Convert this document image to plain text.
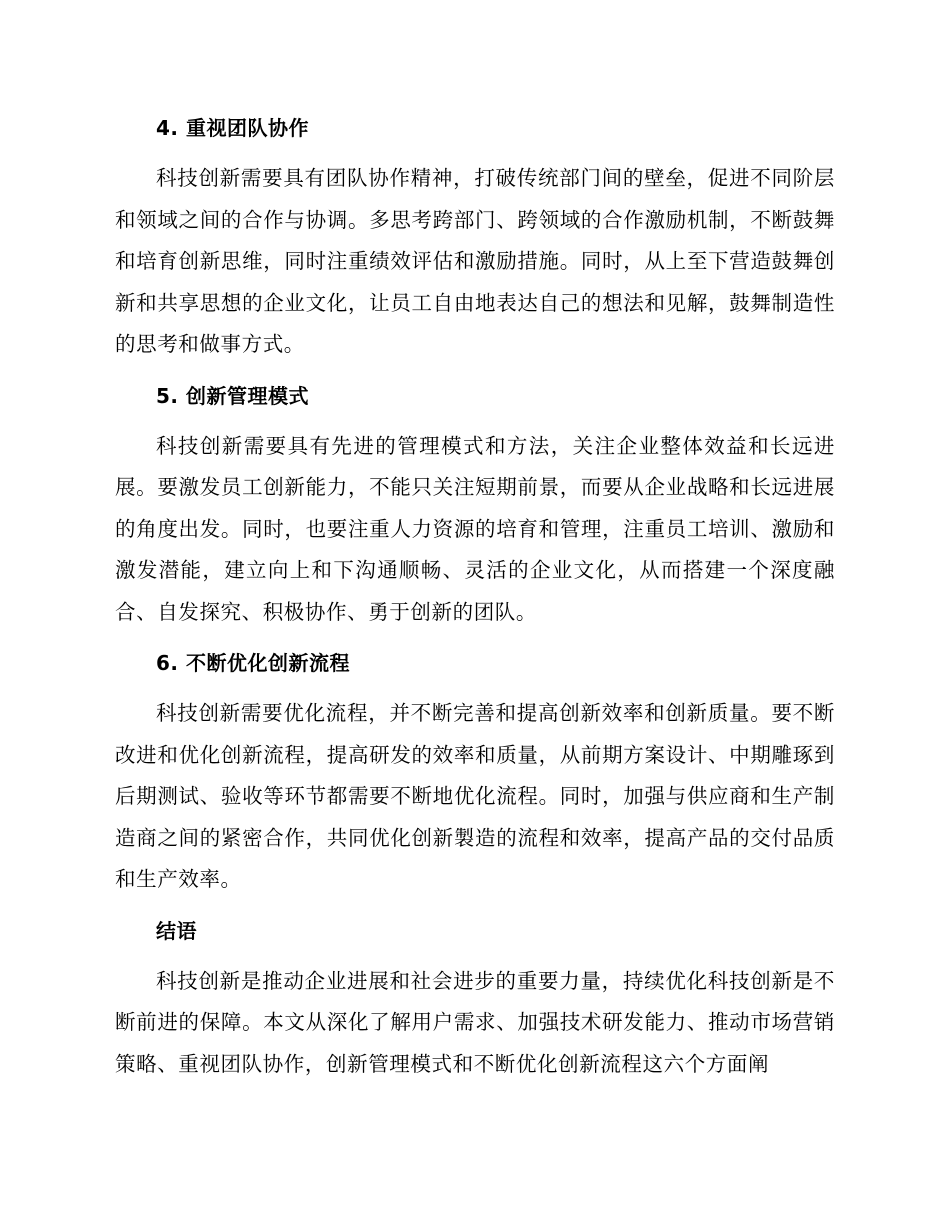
4. 重视团队协作

科技创新需要具有团队协作精神，打破传统部门间的壁垒，促进不同阶层和领域之间的合作与协调。多思考跨部门、跨领域的合作激励机制，不断鼓舞和培育创新思维，同时注重绩效评估和激励措施。同时，从上至下营造鼓舞创新和共享思想的企业文化，让员工自由地表达自己的想法和见解，鼓舞制造性的思考和做事方式。

5. 创新管理模式

科技创新需要具有先进的管理模式和方法，关注企业整体效益和长远进展。要激发员工创新能力，不能只关注短期前景，而要从企业战略和长远进展的角度出发。同时，也要注重人力资源的培育和管理，注重员工培训、激励和激发潜能，建立向上和下沟通顺畅、灵活的企业文化，从而搭建一个深度融合、自发探究、积极协作、勇于创新的团队。

6. 不断优化创新流程

科技创新需要优化流程，并不断完善和提高创新效率和创新质量。要不断改进和优化创新流程，提高研发的效率和质量，从前期方案设计、中期雕琢到后期测试、验收等环节都需要不断地优化流程。同时，加强与供应商和生产制造商之间的紧密合作，共同优化创新製造的流程和效率，提高产品的交付品质和生产效率。

结语

科技创新是推动企业进展和社会进步的重要力量，持续优化科技创新是不断前进的保障。本文从深化了解用户需求、加强技术研发能力、推动市场营销策略、重视团队协作，创新管理模式和不断优化创新流程这六个方面阐
